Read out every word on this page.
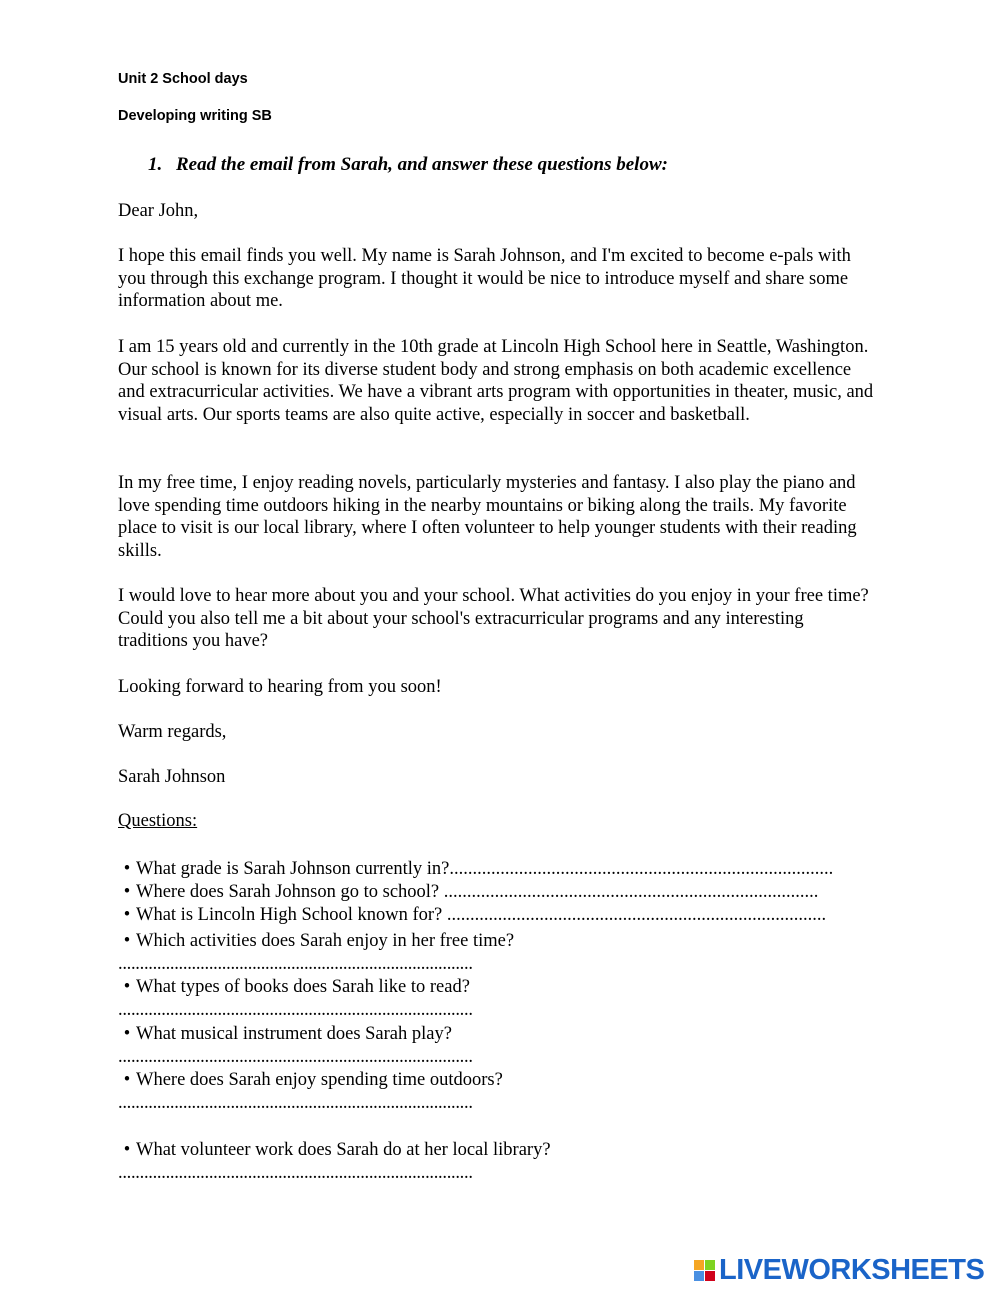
Unit 2 School days
Developing writing SB
1. Read the email from Sarah, and answer these questions below:
Dear John,
I hope this email finds you well. My name is Sarah Johnson, and I'm excited to become e-pals with you through this exchange program. I thought it would be nice to introduce myself and share some information about me.
I am 15 years old and currently in the 10th grade at Lincoln High School here in Seattle, Washington. Our school is known for its diverse student body and strong emphasis on both academic excellence and extracurricular activities. We have a vibrant arts program with opportunities in theater, music, and visual arts. Our sports teams are also quite active, especially in soccer and basketball.
In my free time, I enjoy reading novels, particularly mysteries and fantasy. I also play the piano and love spending time outdoors hiking in the nearby mountains or biking along the trails. My favorite place to visit is our local library, where I often volunteer to help younger students with their reading skills.
I would love to hear more about you and your school. What activities do you enjoy in your free time? Could you also tell me a bit about your school's extracurricular programs and any interesting traditions you have?
Looking forward to hearing from you soon!
Warm regards,
Sarah Johnson
Questions:
• What grade is Sarah Johnson currently in?...................................................................................
• Where does Sarah Johnson go to school? .................................................................................
• What is Lincoln High School known for? ..................................................................................
• Which activities does Sarah enjoy in her free time?
..................................................................................
• What types of books does Sarah like to read?
..................................................................................
• What musical instrument does Sarah play?
..................................................................................
• Where does Sarah enjoy spending time outdoors?
..................................................................................
• What volunteer work does Sarah do at her local library?
..................................................................................
LIVEWORKSHEETS
